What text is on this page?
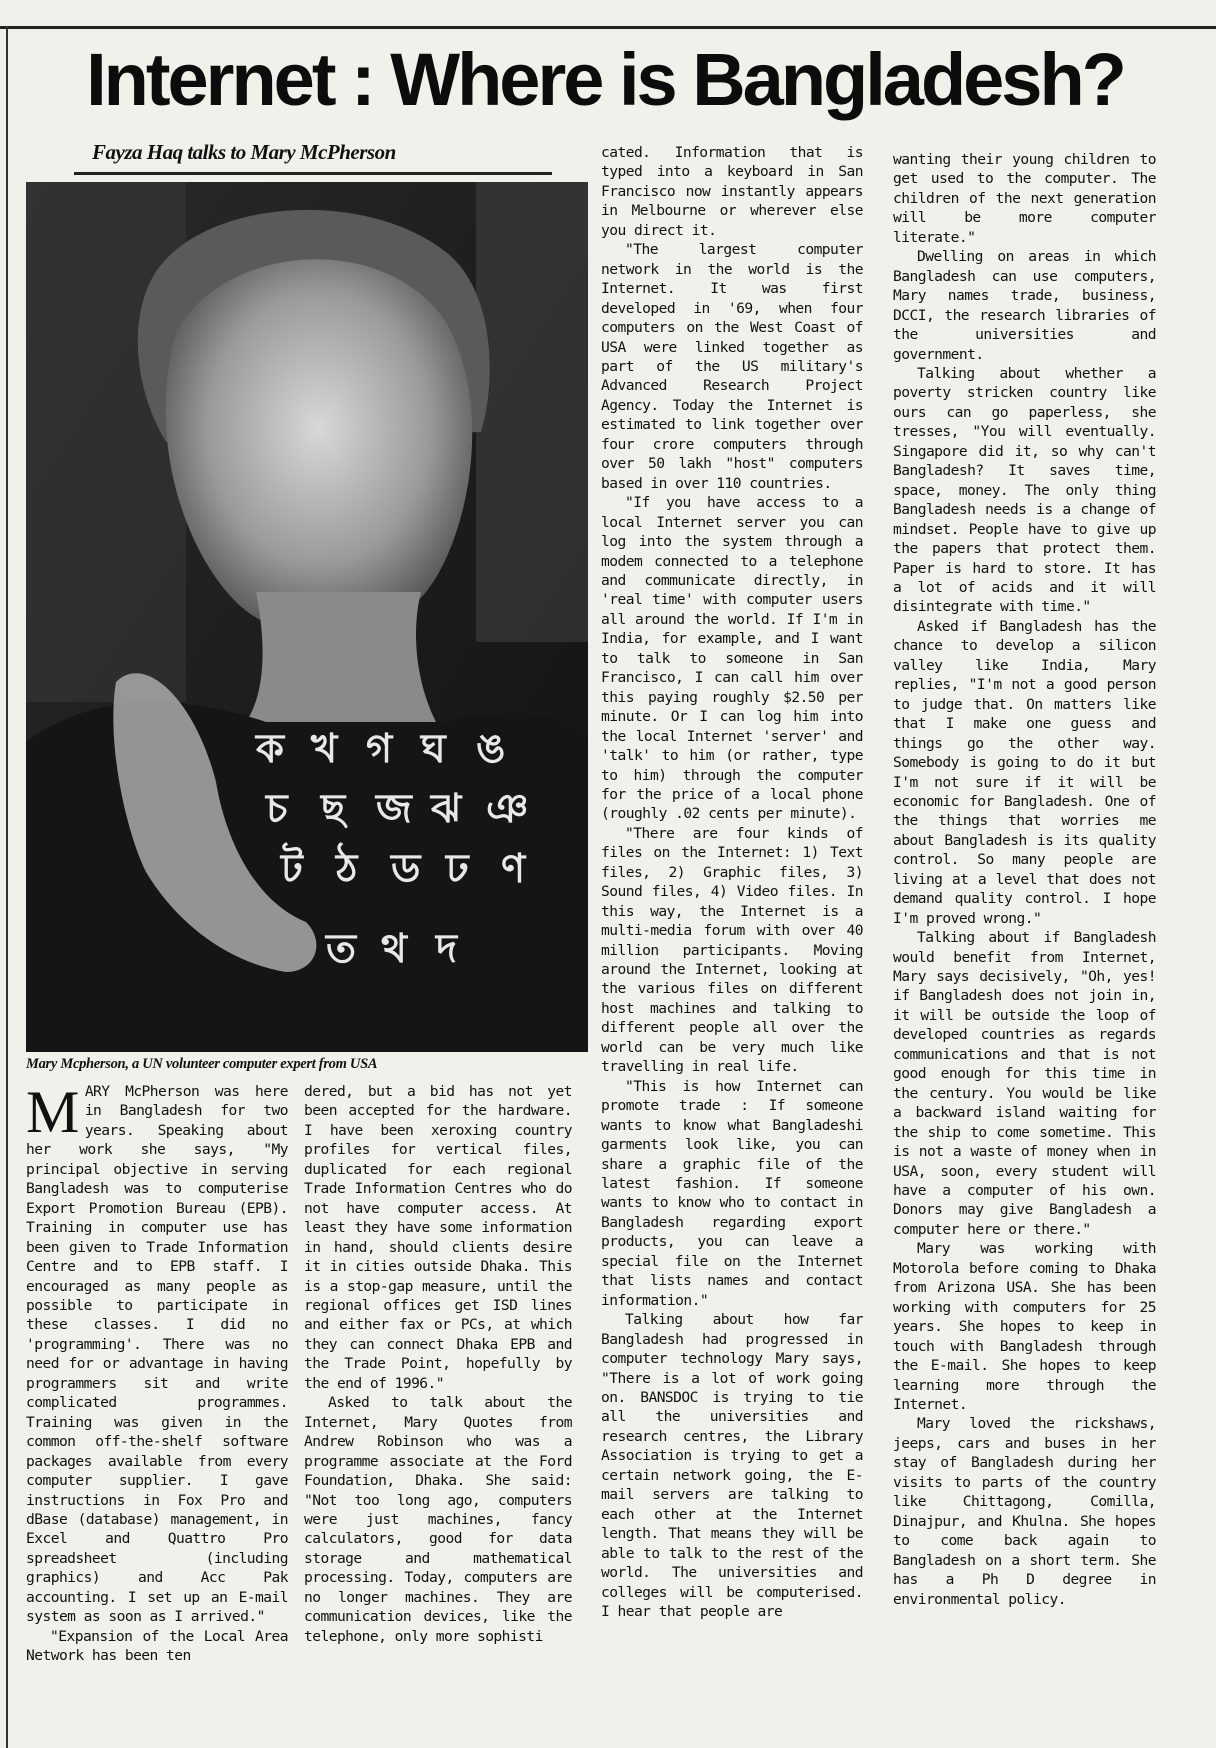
Internet : Where is Bangladesh?
Fayza Haq talks to Mary McPherson
ক খ গ ঘ ঙ
চ ছ জ ঝ ঞ
ট ঠ ড ঢ ণ
ত থ দ
Mary Mcpherson, a UN volunteer computer expert from USA

MARY McPherson was here in Bangladesh for two years. Speaking about her work she says, "My principal objective in serving Bangladesh was to computerise Export Promotion Bureau (EPB). Training in computer use has been given to Trade Information Centre and to EPB staff. I encouraged as many people as possible to participate in these classes. I did no 'programming'. There was no need for or advantage in having programmers sit and write complicated programmes. Training was given in the common off-the-shelf software packages available from every computer supplier. I gave instructions in Fox Pro and dBase (database) management, in Excel and Quattro Pro spreadsheet (including graphics) and Acc Pak accounting. I set up an E-mail system as soon as I arrived."

"Expansion of the Local Area Network has been ten

dered, but a bid has not yet been accepted for the hardware. I have been xeroxing country profiles for vertical files, duplicated for each regional Trade Information Centres who do not have computer access. At least they have some information in hand, should clients desire it in cities outside Dhaka. This is a stop-gap measure, until the regional offices get ISD lines and either fax or PCs, at which they can connect Dhaka EPB and the Trade Point, hopefully by the end of 1996."

Asked to talk about the Internet, Mary Quotes from Andrew Robinson who was a programme associate at the Ford Foundation, Dhaka. She said: "Not too long ago, computers were just machines, fancy calculators, good for data storage and mathematical processing. Today, computers are no longer machines. They are communication devices, like the telephone, only more sophisti

cated. Information that is typed into a keyboard in San Francisco now instantly appears in Melbourne or wherever else you direct it.

"The largest computer network in the world is the Internet. It was first developed in '69, when four computers on the West Coast of USA were linked together as part of the US military's Advanced Research Project Agency. Today the Internet is estimated to link together over four crore computers through over 50 lakh "host" computers based in over 110 countries.

"If you have access to a local Internet server you can log into the system through a modem connected to a telephone and communicate directly, in 'real time' with computer users all around the world. If I'm in India, for example, and I want to talk to someone in San Francisco, I can call him over this paying roughly $2.50 per minute. Or I can log him into the local Internet 'server' and 'talk' to him (or rather, type to him) through the computer for the price of a local phone (roughly .02 cents per minute).

"There are four kinds of files on the Internet: 1) Text files, 2) Graphic files, 3) Sound files, 4) Video files. In this way, the Internet is a multi-media forum with over 40 million participants. Moving around the Internet, looking at the various files on different host machines and talking to different people all over the world can be very much like travelling in real life.

"This is how Internet can promote trade : If someone wants to know what Bangladeshi garments look like, you can share a graphic file of the latest fashion. If someone wants to know who to contact in Bangladesh regarding export products, you can leave a special file on the Internet that lists names and contact information."

Talking about how far Bangladesh had progressed in computer technology Mary says, "There is a lot of work going on. BANSDOC is trying to tie all the universities and research centres, the Library Association is trying to get a certain network going, the E-mail servers are talking to each other at the Internet length. That means they will be able to talk to the rest of the world. The universities and colleges will be computerised. I hear that people are

wanting their young children to get used to the computer. The children of the next generation will be more computer literate."

Dwelling on areas in which Bangladesh can use computers, Mary names trade, business, DCCI, the research libraries of the universities and government.

Talking about whether a poverty stricken country like ours can go paperless, she tresses, "You will eventually. Singapore did it, so why can't Bangladesh? It saves time, space, money. The only thing Bangladesh needs is a change of mindset. People have to give up the papers that protect them. Paper is hard to store. It has a lot of acids and it will disintegrate with time."

Asked if Bangladesh has the chance to develop a silicon valley like India, Mary replies, "I'm not a good person to judge that. On matters like that I make one guess and things go the other way. Somebody is going to do it but I'm not sure if it will be economic for Bangladesh. One of the things that worries me about Bangladesh is its quality control. So many people are living at a level that does not demand quality control. I hope I'm proved wrong."

Talking about if Bangladesh would benefit from Internet, Mary says decisively, "Oh, yes! if Bangladesh does not join in, it will be outside the loop of developed countries as regards communications and that is not good enough for this time in the century. You would be like a backward island waiting for the ship to come sometime. This is not a waste of money when in USA, soon, every student will have a computer of his own. Donors may give Bangladesh a computer here or there."

Mary was working with Motorola before coming to Dhaka from Arizona USA. She has been working with computers for 25 years. She hopes to keep in touch with Bangladesh through the E-mail. She hopes to keep learning more through the Internet.

Mary loved the rickshaws, jeeps, cars and buses in her stay of Bangladesh during her visits to parts of the country like Chittagong, Comilla, Dinajpur, and Khulna. She hopes to come back again to Bangladesh on a short term. She has a Ph D degree in environmental policy.
